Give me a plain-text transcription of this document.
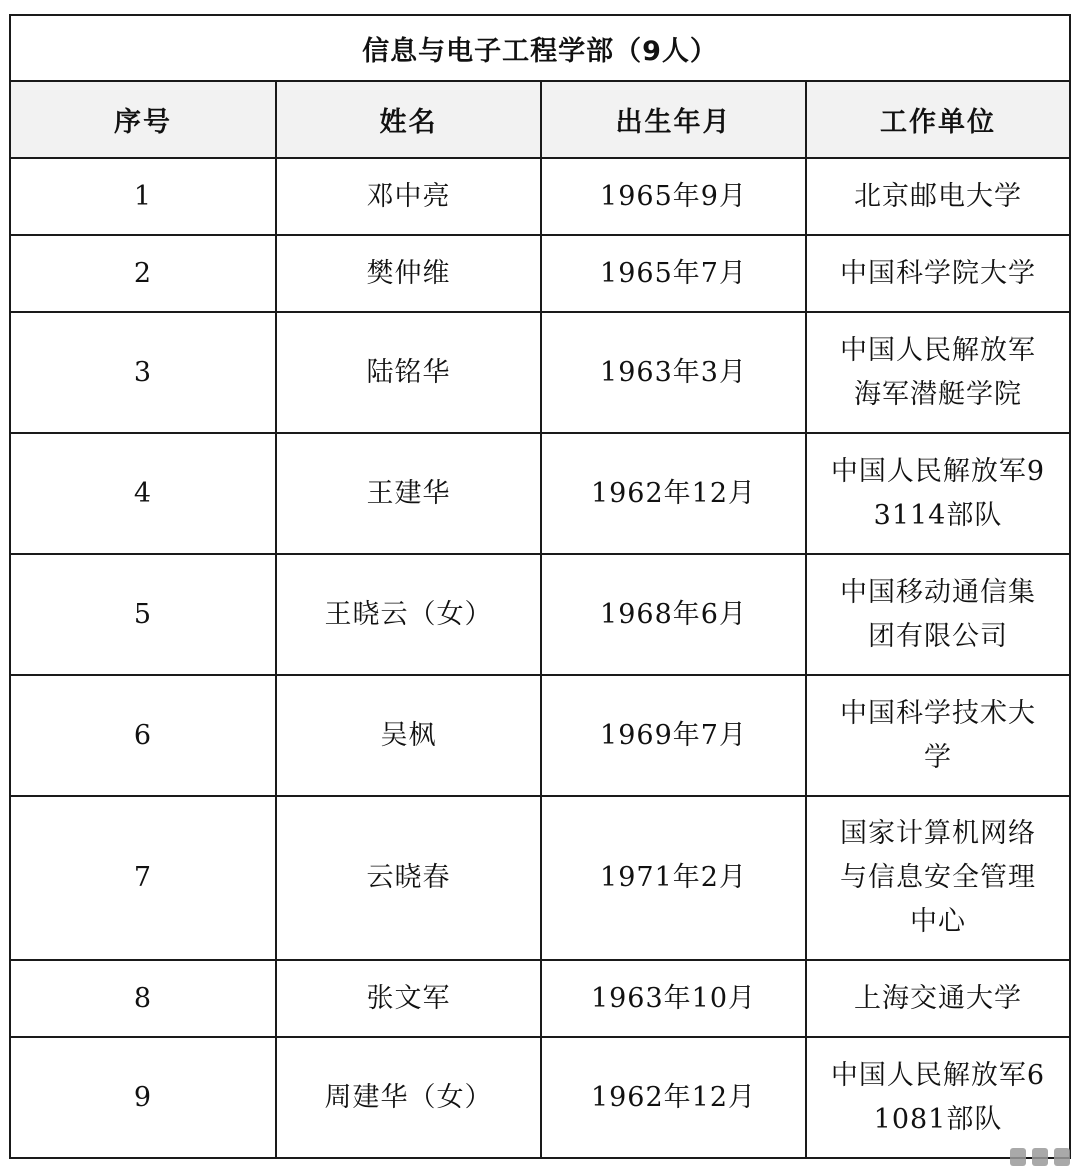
信息与电子工程学部（9人）
序号	姓名	出生年月	工作单位
1	邓中亮	1965年9月	北京邮电大学

2	樊仲维	1965年7月	中国科学院大学

3	陆铭华	1963年3月	中国人民解放军海军潜艇学院

4	王建华	1962年12月	中国人民解放军93114部队

5	王晓云（女）	1968年6月	中国移动通信集团有限公司

6	吴枫	1969年7月	中国科学技术大学

7	云晓春	1971年2月	国家计算机网络与信息安全管理中心

8	张文军	1963年10月	上海交通大学

9	周建华（女）	1962年12月	中国人民解放军61081部队
